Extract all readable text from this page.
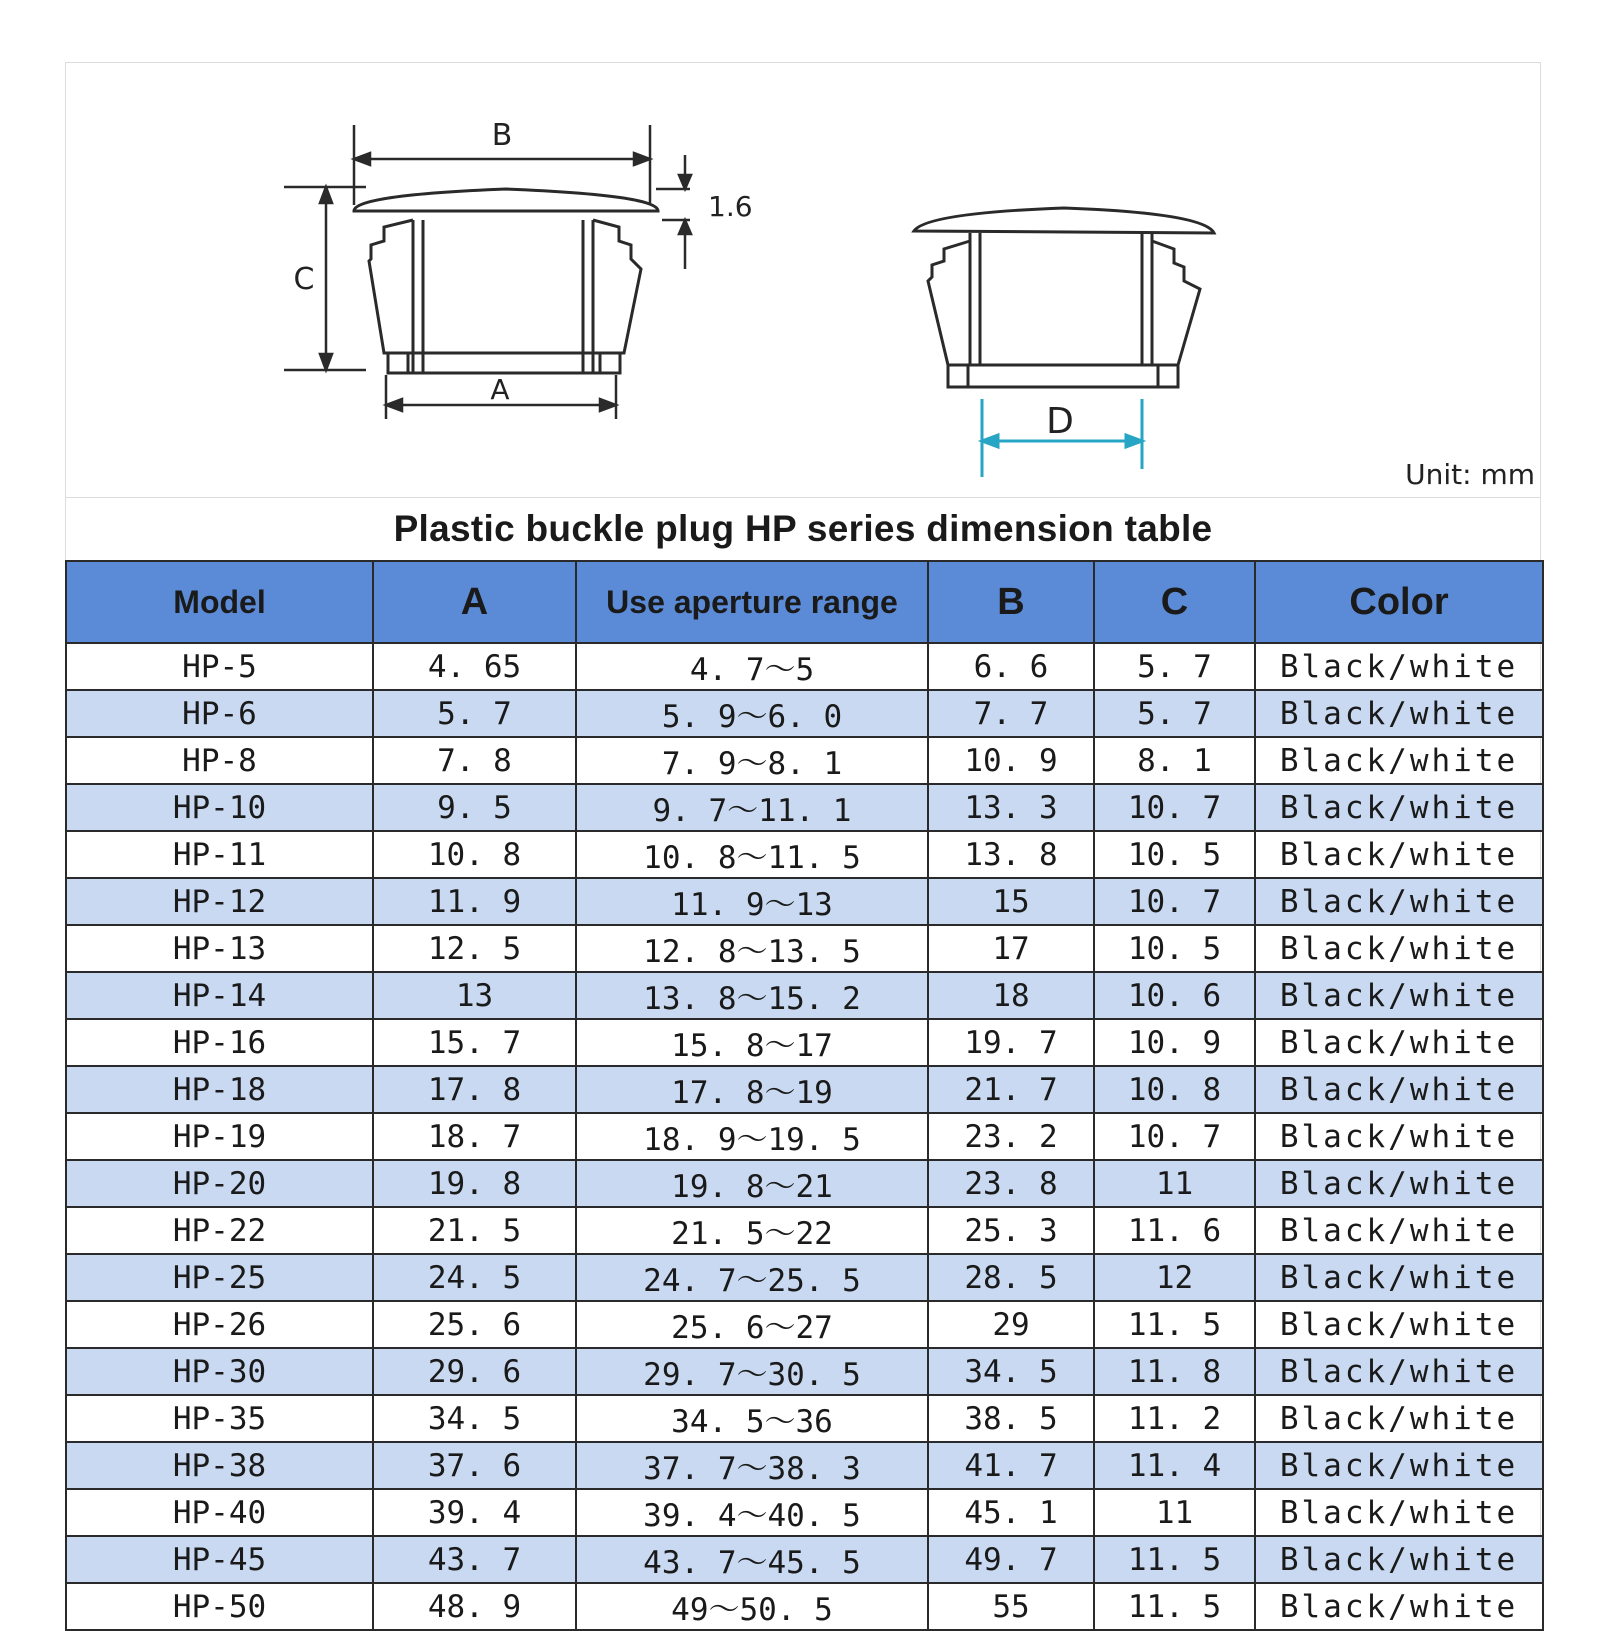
B
1.6
C
A
D
Unit: mm
Plastic buckle plug HP series dimension table
Model	A	Use aperture range	B	C	Color
HP-5	4. 65	4. 7～5	6. 6	5. 7	Black/white
HP-6	5. 7	5. 9～6. 0	7. 7	5. 7	Black/white
HP-8	7. 8	7. 9～8. 1	10. 9	8. 1	Black/white
HP-10	9. 5	9. 7～11. 1	13. 3	10. 7	Black/white
HP-11	10. 8	10. 8～11. 5	13. 8	10. 5	Black/white
HP-12	11. 9	11. 9～13	15	10. 7	Black/white
HP-13	12. 5	12. 8～13. 5	17	10. 5	Black/white
HP-14	13	13. 8～15. 2	18	10. 6	Black/white
HP-16	15. 7	15. 8～17	19. 7	10. 9	Black/white
HP-18	17. 8	17. 8～19	21. 7	10. 8	Black/white
HP-19	18. 7	18. 9～19. 5	23. 2	10. 7	Black/white
HP-20	19. 8	19. 8～21	23. 8	11	Black/white
HP-22	21. 5	21. 5～22	25. 3	11. 6	Black/white
HP-25	24. 5	24. 7～25. 5	28. 5	12	Black/white
HP-26	25. 6	25. 6～27	29	11. 5	Black/white
HP-30	29. 6	29. 7～30. 5	34. 5	11. 8	Black/white
HP-35	34. 5	34. 5～36	38. 5	11. 2	Black/white
HP-38	37. 6	37. 7～38. 3	41. 7	11. 4	Black/white
HP-40	39. 4	39. 4～40. 5	45. 1	11	Black/white
HP-45	43. 7	43. 7～45. 5	49. 7	11. 5	Black/white
HP-50	48. 9	49～50. 5	55	11. 5	Black/white
